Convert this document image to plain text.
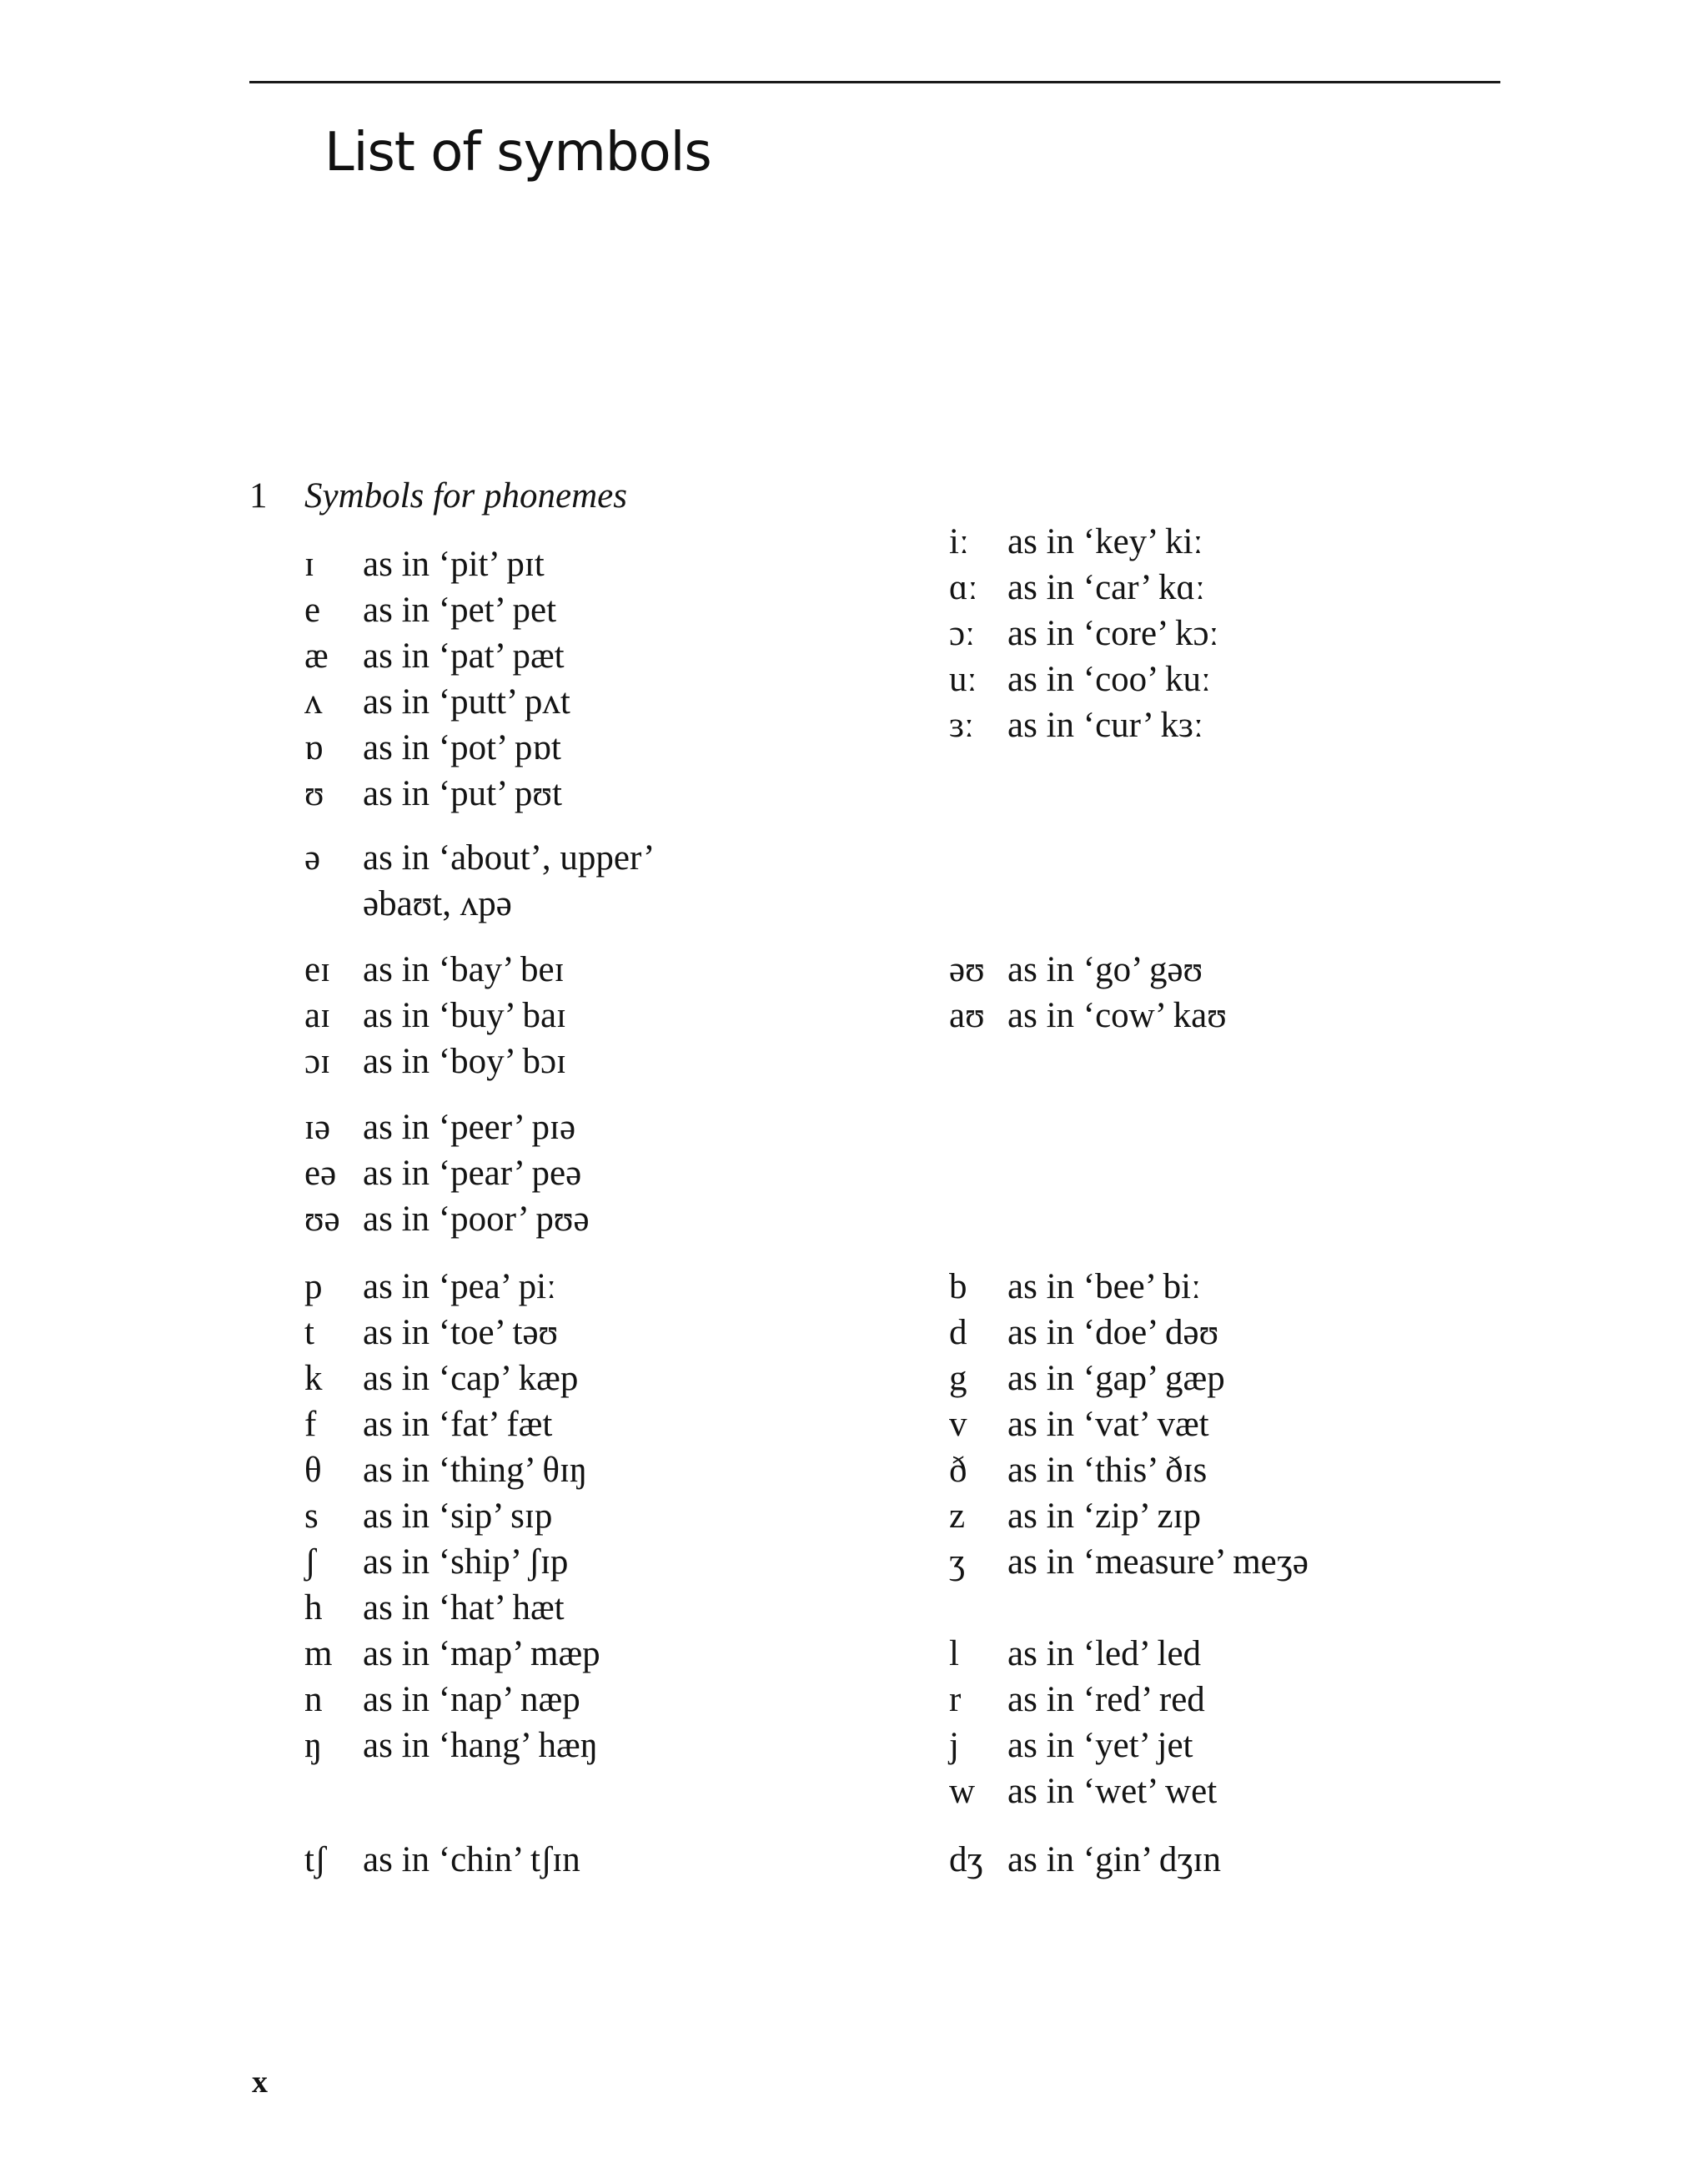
List of symbols
1 Symbols for phonemes
ɪ as in ‘pit’ pɪt
e as in ‘pet’ pet
æ as in ‘pat’ pæt
ʌ as in ‘putt’ pʌt
ɒ as in ‘pot’ pɒt
ʊ as in ‘put’ pʊt
iː as in ‘key’ kiː
ɑː as in ‘car’ kɑː
ɔː as in ‘core’ kɔː
uː as in ‘coo’ kuː
ɜː as in ‘cur’ kɜː
ə as in ‘about’, upper’
əbaʊt, ʌpə
eɪ as in ‘bay’ beɪ
aɪ as in ‘buy’ baɪ
ɔɪ as in ‘boy’ bɔɪ
əʊ as in ‘go’ gəʊ
aʊ as in ‘cow’ kaʊ
ɪə as in ‘peer’ pɪə
eə as in ‘pear’ peə
ʊə as in ‘poor’ pʊə
p as in ‘pea’ piː
t as in ‘toe’ təʊ
k as in ‘cap’ kæp
f as in ‘fat’ fæt
θ as in ‘thing’ θɪŋ
s as in ‘sip’ sɪp
ʃ as in ‘ship’ ʃɪp
h as in ‘hat’ hæt
m as in ‘map’ mæp
n as in ‘nap’ næp
ŋ as in ‘hang’ hæŋ
b as in ‘bee’ biː
d as in ‘doe’ dəʊ
g as in ‘gap’ gæp
v as in ‘vat’ væt
ð as in ‘this’ ðɪs
z as in ‘zip’ zɪp
ʒ as in ‘measure’ meʒə
l as in ‘led’ led
r as in ‘red’ red
j as in ‘yet’ jet
w as in ‘wet’ wet
tʃ as in ‘chin’ tʃɪn	dʒ as in ‘gin’ dʒɪn
x
